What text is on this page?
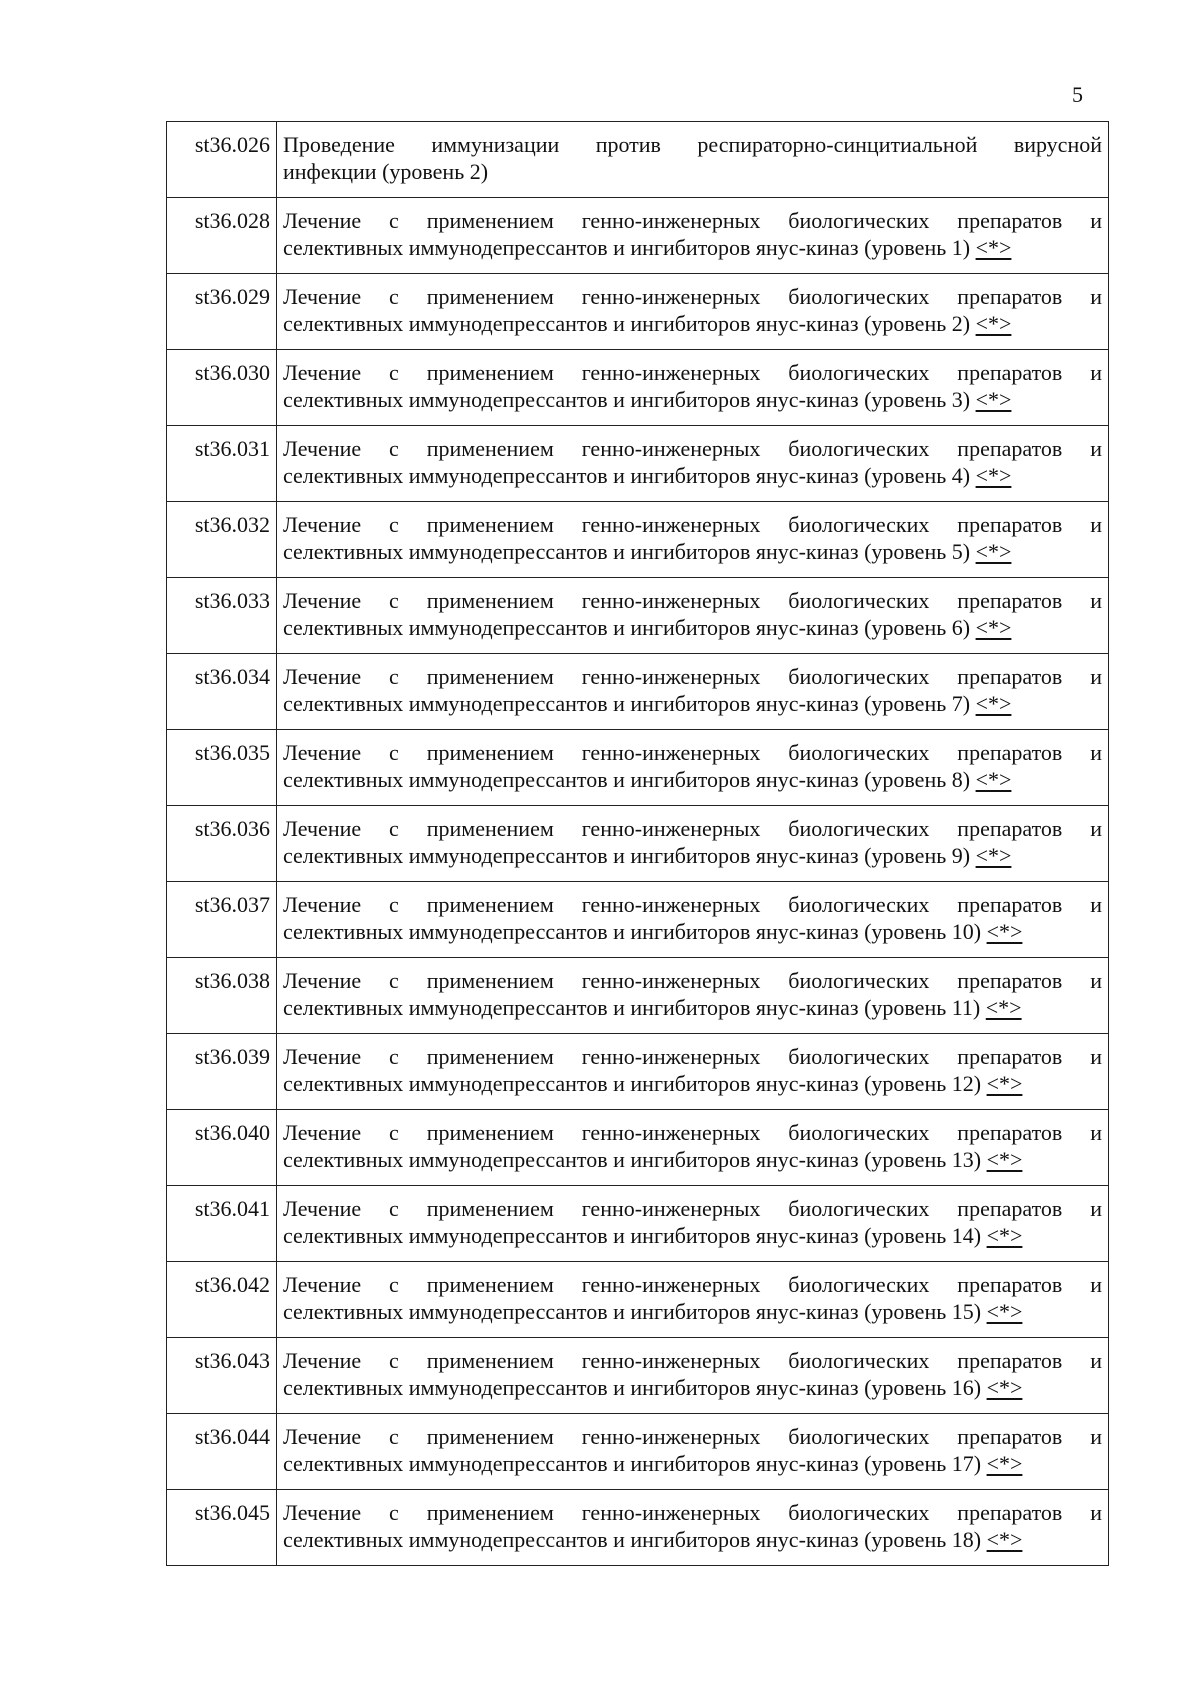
5
st36.026	Проведение иммунизации против респираторно-синцитиальной вирусной
инфекции (уровень 2)

st36.028	Лечение с применением генно-инженерных биологических препаратов и
селективных иммунодепрессантов и ингибиторов янус-киназ (уровень 1) <*>

st36.029	Лечение с применением генно-инженерных биологических препаратов и
селективных иммунодепрессантов и ингибиторов янус-киназ (уровень 2) <*>

st36.030	Лечение с применением генно-инженерных биологических препаратов и
селективных иммунодепрессантов и ингибиторов янус-киназ (уровень 3) <*>

st36.031	Лечение с применением генно-инженерных биологических препаратов и
селективных иммунодепрессантов и ингибиторов янус-киназ (уровень 4) <*>

st36.032	Лечение с применением генно-инженерных биологических препаратов и
селективных иммунодепрессантов и ингибиторов янус-киназ (уровень 5) <*>

st36.033	Лечение с применением генно-инженерных биологических препаратов и
селективных иммунодепрессантов и ингибиторов янус-киназ (уровень 6) <*>

st36.034	Лечение с применением генно-инженерных биологических препаратов и
селективных иммунодепрессантов и ингибиторов янус-киназ (уровень 7) <*>

st36.035	Лечение с применением генно-инженерных биологических препаратов и
селективных иммунодепрессантов и ингибиторов янус-киназ (уровень 8) <*>

st36.036	Лечение с применением генно-инженерных биологических препаратов и
селективных иммунодепрессантов и ингибиторов янус-киназ (уровень 9) <*>

st36.037	Лечение с применением генно-инженерных биологических препаратов и
селективных иммунодепрессантов и ингибиторов янус-киназ (уровень 10) <*>

st36.038	Лечение с применением генно-инженерных биологических препаратов и
селективных иммунодепрессантов и ингибиторов янус-киназ (уровень 11) <*>

st36.039	Лечение с применением генно-инженерных биологических препаратов и
селективных иммунодепрессантов и ингибиторов янус-киназ (уровень 12) <*>

st36.040	Лечение с применением генно-инженерных биологических препаратов и
селективных иммунодепрессантов и ингибиторов янус-киназ (уровень 13) <*>

st36.041	Лечение с применением генно-инженерных биологических препаратов и
селективных иммунодепрессантов и ингибиторов янус-киназ (уровень 14) <*>

st36.042	Лечение с применением генно-инженерных биологических препаратов и
селективных иммунодепрессантов и ингибиторов янус-киназ (уровень 15) <*>

st36.043	Лечение с применением генно-инженерных биологических препаратов и
селективных иммунодепрессантов и ингибиторов янус-киназ (уровень 16) <*>

st36.044	Лечение с применением генно-инженерных биологических препаратов и
селективных иммунодепрессантов и ингибиторов янус-киназ (уровень 17) <*>

st36.045	Лечение с применением генно-инженерных биологических препаратов и
селективных иммунодепрессантов и ингибиторов янус-киназ (уровень 18) <*>
